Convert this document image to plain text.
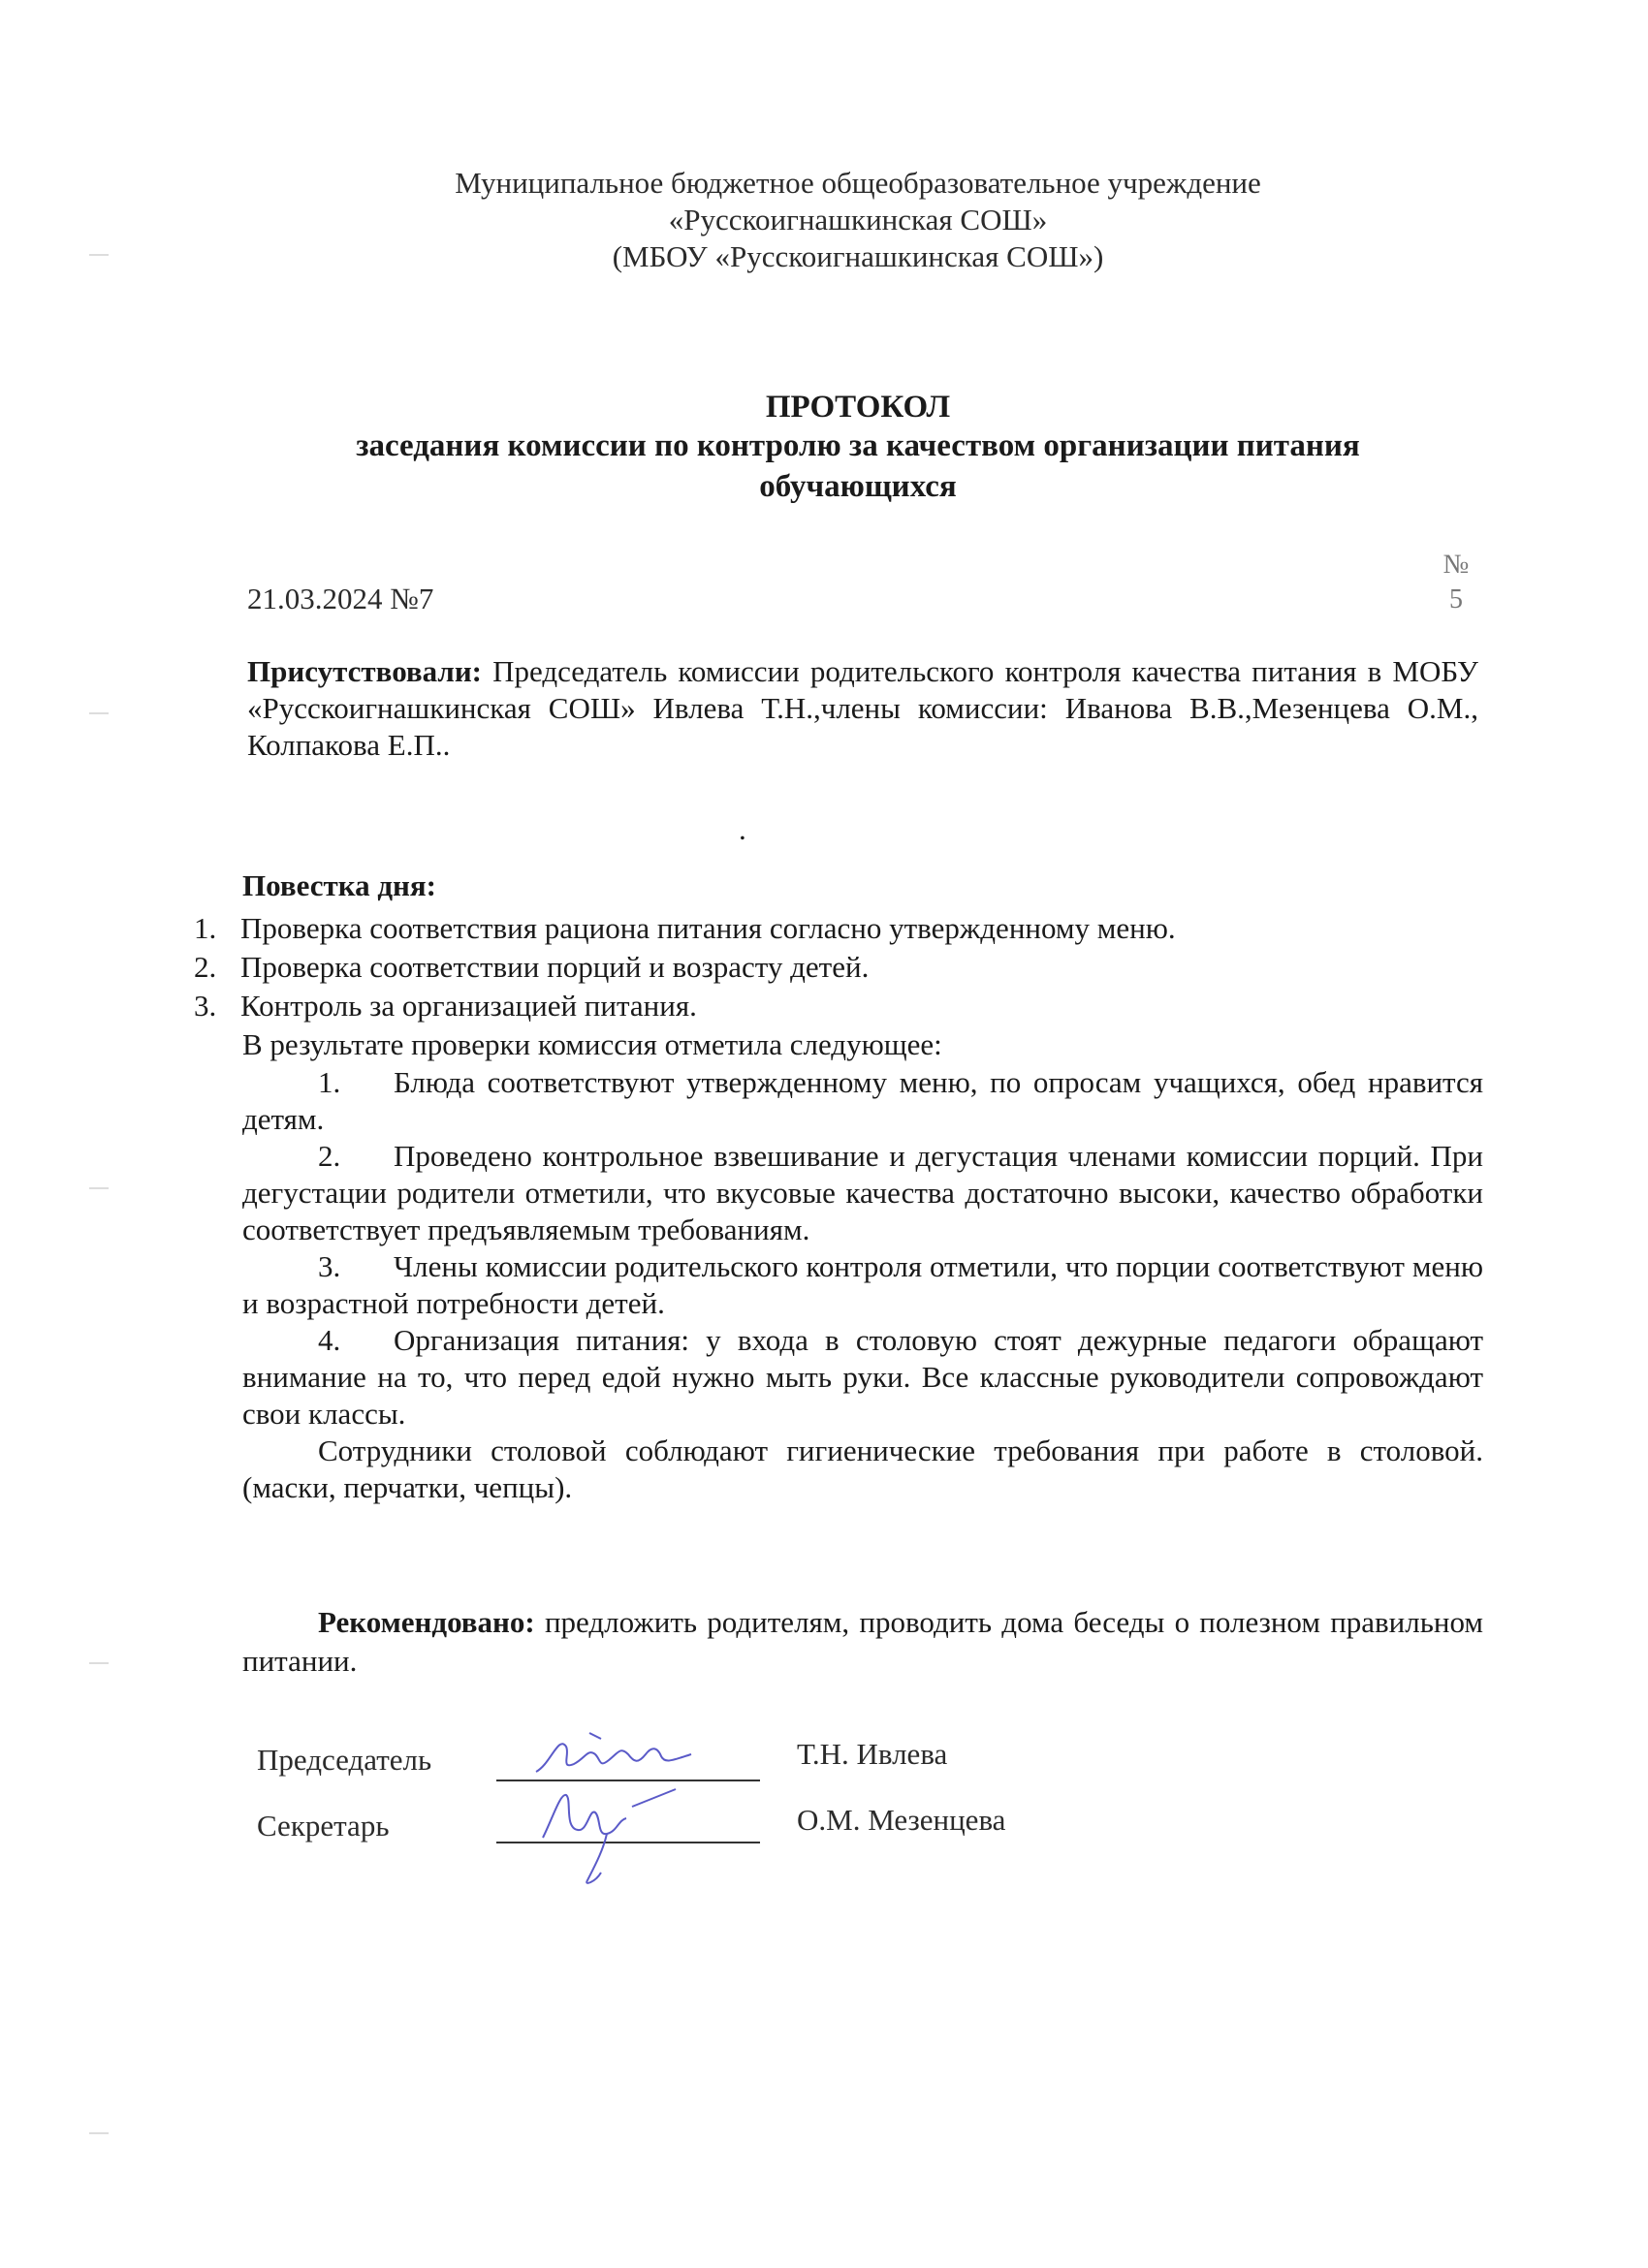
Муниципальное бюджетное общеобразовательное учреждение
«Русскоигнашкинская СОШ»
(МБОУ «Русскоигнашкинская СОШ»)
ПРОТОКОЛ
заседания комиссии по контролю за качеством организации питания
обучающихся
21.03.2024 №7
№
5
Присутствовали: Председатель комиссии родительского контроля качества питания в МОБУ «Русскоигнашкинская СОШ» Ивлева Т.Н.,члены комиссии: Иванова В.В.,Мезенцева О.М., Колпакова Е.П..
.
Повестка дня:
1. Проверка соответствия рациона питания согласно утвержденному меню.
2. Проверка соответствии порций и возрасту детей.
3. Контроль за организацией питания.
В результате проверки комиссия отметила следующее:

1. Блюда соответствуют утвержденному меню, по опросам учащихся, обед нравится детям.

2. Проведено контрольное взвешивание и дегустация членами комиссии порций. При дегустации родители отметили, что вкусовые качества достаточно высоки, качество обработки соответствует предъявляемым требованиям.

3. Члены комиссии родительского контроля отметили, что порции соответствуют меню и возрастной потребности детей.

4. Организация питания: у входа в столовую стоят дежурные педагоги обращают внимание на то, что перед едой нужно мыть руки. Все классные руководители сопровождают свои классы.

Сотрудники столовой соблюдают гигиенические требования при работе в столовой. (маски, перчатки, чепцы).

Рекомендовано: предложить родителям, проводить дома беседы о полезном правильном питании.
Председатель	Т.Н. Ивлева
Секретарь	О.М. Мезенцева
